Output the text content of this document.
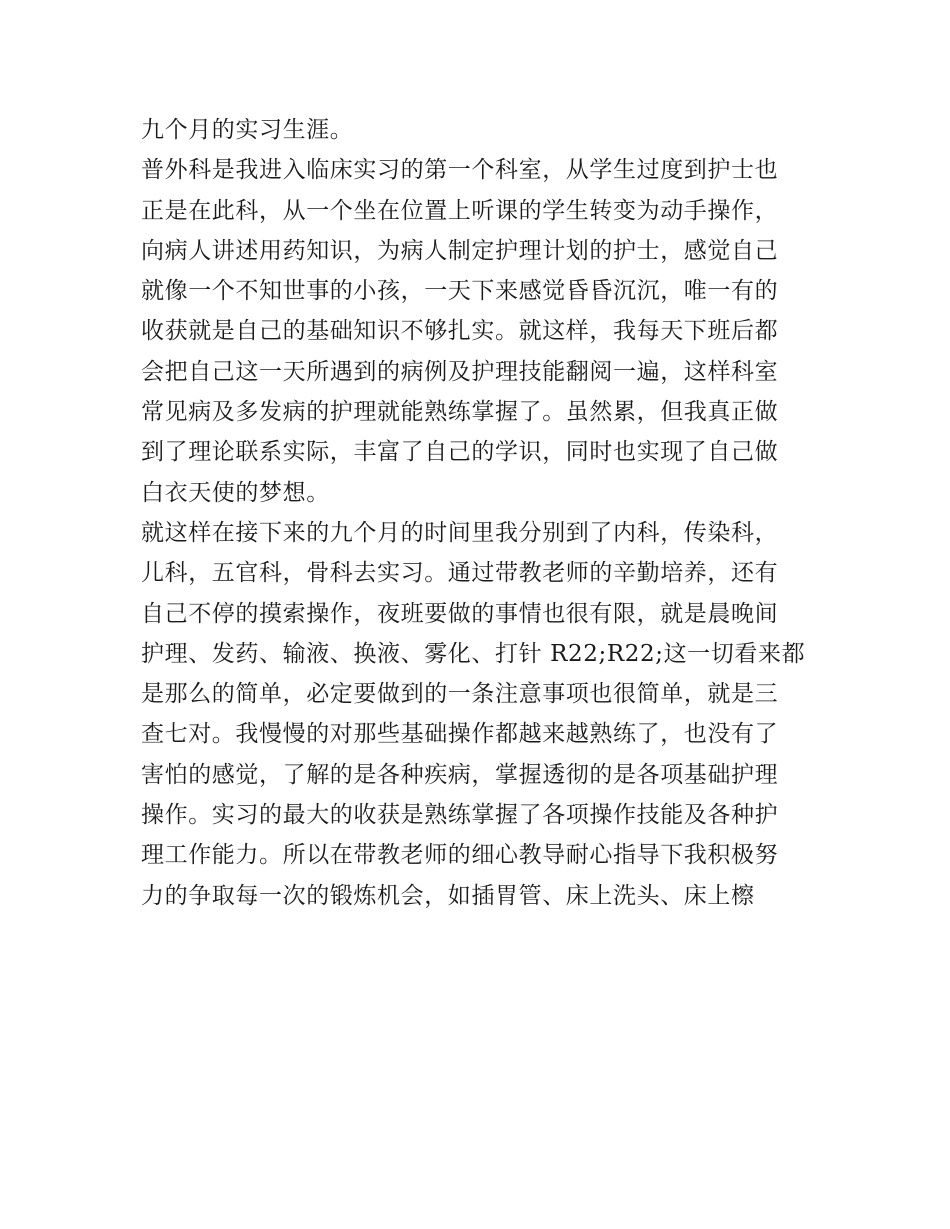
九个月的实习生涯。
普外科是我进入临床实习的第一个科室，从学生过度到护士也
正是在此科，从一个坐在位置上听课的学生转变为动手操作，
向病人讲述用药知识，为病人制定护理计划的护士，感觉自己
就像一个不知世事的小孩，一天下来感觉昏昏沉沉，唯一有的
收获就是自己的基础知识不够扎实。就这样，我每天下班后都
会把自己这一天所遇到的病例及护理技能翻阅一遍，这样科室
常见病及多发病的护理就能熟练掌握了。虽然累，但我真正做
到了理论联系实际，丰富了自己的学识，同时也实现了自己做
白衣天使的梦想。
就这样在接下来的九个月的时间里我分别到了内科，传染科，
儿科，五官科，骨科去实习。通过带教老师的辛勤培养，还有
自己不停的摸索操作，夜班要做的事情也很有限，就是晨晚间
护理、发药、输液、换液、雾化、打针 R22;R22;这一切看来都
是那么的简单，必定要做到的一条注意事项也很简单，就是三
查七对。我慢慢的对那些基础操作都越来越熟练了，也没有了
害怕的感觉，了解的是各种疾病，掌握透彻的是各项基础护理
操作。实习的最大的收获是熟练掌握了各项操作技能及各种护
理工作能力。所以在带教老师的细心教导耐心指导下我积极努
力的争取每一次的锻炼机会，如插胃管、床上洗头、床上檫
